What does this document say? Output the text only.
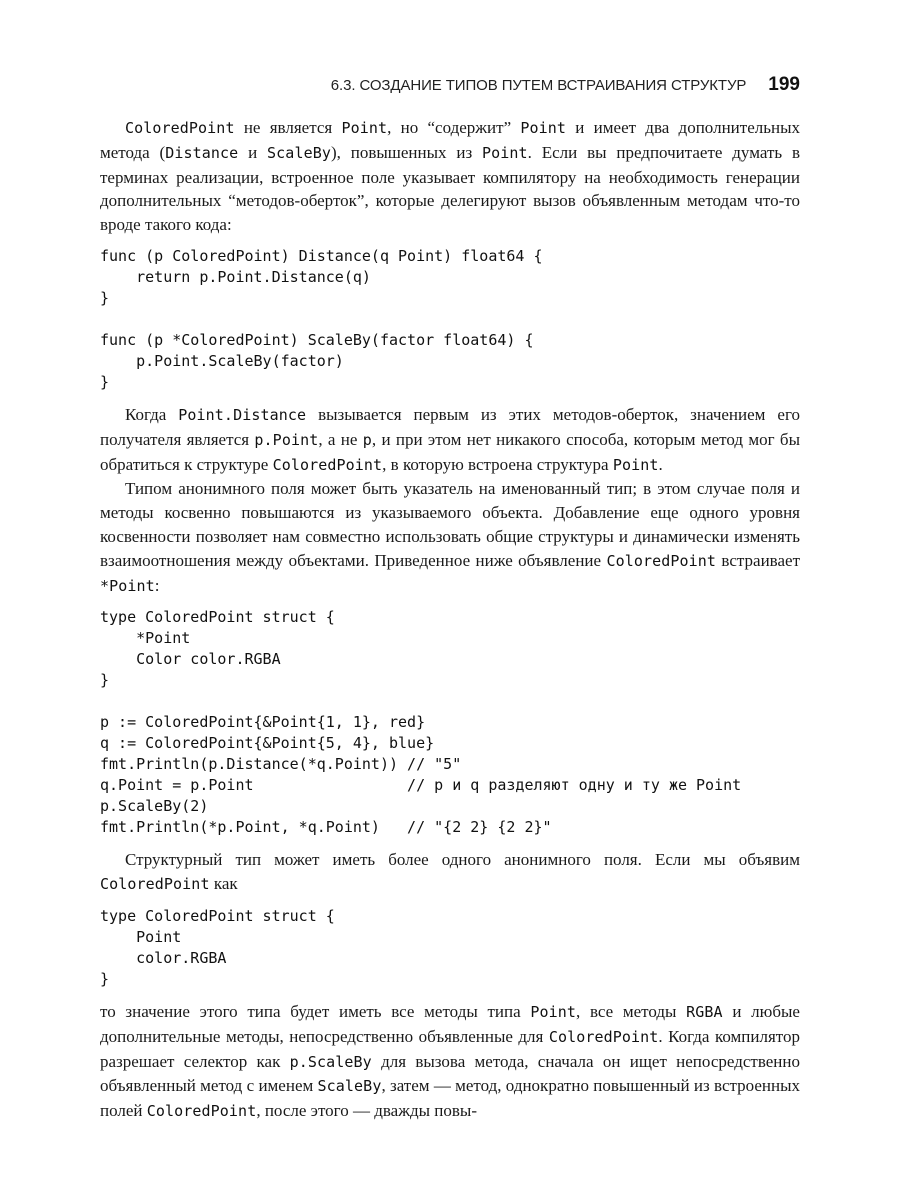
6.3. СОЗДАНИЕ ТИПОВ ПУТЕМ ВСТРАИВАНИЯ СТРУКТУР 199

ColoredPoint не является Point, но “содержит” Point и имеет два дополнительных метода (Distance и ScaleBy), повышенных из Point. Если вы предпочитаете думать в терминах реализации, встроенное поле указывает компилятору на необходимость генерации дополнительных “методов-оберток”, которые делегируют вызов объявленным методам что-то вроде такого кода:

func (p ColoredPoint) Distance(q Point) float64 {
return p.Point.Distance(q)
}
func (p *ColoredPoint) ScaleBy(factor float64) {
p.Point.ScaleBy(factor)
}

Когда Point.Distance вызывается первым из этих методов-оберток, значением его получателя является p.Point, а не p, и при этом нет никакого способа, которым метод мог бы обратиться к структуре ColoredPoint, в которую встроена структура Point.

Типом анонимного поля может быть указатель на именованный тип; в этом случае поля и методы косвенно повышаются из указываемого объекта. Добавление еще одного уровня косвенности позволяет нам совместно использовать общие структуры и динамически изменять взаимоотношения между объектами. Приведенное ниже объявление ColoredPoint встраивает *Point:

type ColoredPoint struct {
*Point
Color color.RGBA
}
p := ColoredPoint{&Point{1, 1}, red}
q := ColoredPoint{&Point{5, 4}, blue}
fmt.Println(p.Distance(*q.Point)) // "5"
q.Point = p.Point                 // p и q разделяют одну и ту же Point
p.ScaleBy(2)
fmt.Println(*p.Point, *q.Point)   // "{2 2} {2 2}"

Структурный тип может иметь более одного анонимного поля. Если мы объявим ColoredPoint как

type ColoredPoint struct {
Point
color.RGBA
}

то значение этого типа будет иметь все методы типа Point, все методы RGBA и любые дополнительные методы, непосредственно объявленные для ColoredPoint. Когда компилятор разрешает селектор как p.ScaleBy для вызова метода, сначала он ищет непосредственно объявленный метод с именем ScaleBy, затем — метод, однократно повышенный из встроенных полей ColoredPoint, после этого — дважды повы-
